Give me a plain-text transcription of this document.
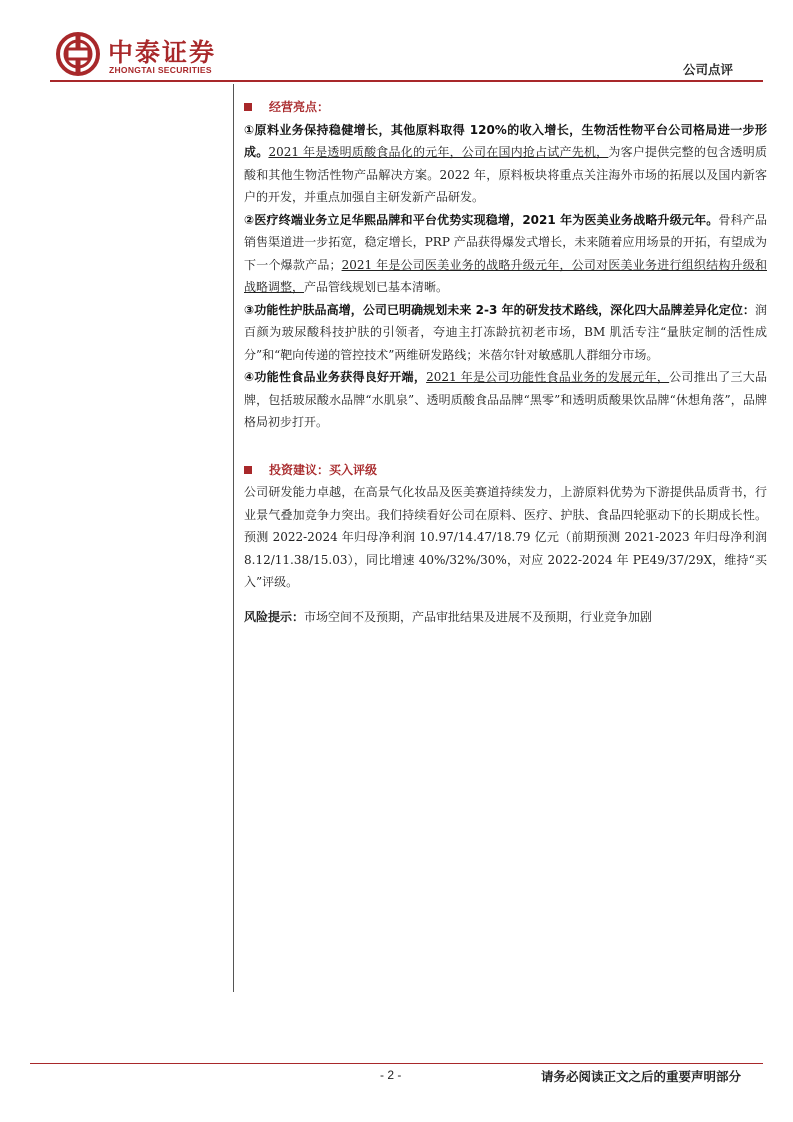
中泰证券
ZHONGTAI SECURITIES	公司点评
经营亮点：

①原料业务保持稳健增长，其他原料取得 120%的收入增长，生物活性物平台公司格局进一步形成。2021 年是透明质酸食品化的元年，公司在国内抢占试产先机，为客户提供完整的包含透明质酸和其他生物活性物产品解决方案。2022 年，原料板块将重点关注海外市场的拓展以及国内新客户的开发，并重点加强自主研发新产品研发。

②医疗终端业务立足华熙品牌和平台优势实现稳增，2021 年为医美业务战略升级元年。骨科产品销售渠道进一步拓宽，稳定增长，PRP 产品获得爆发式增长，未来随着应用场景的开拓，有望成为下一个爆款产品；2021 年是公司医美业务的战略升级元年，公司对医美业务进行组织结构升级和战略调整，产品管线规划已基本清晰。

③功能性护肤品高增，公司已明确规划未来 2-3 年的研发技术路线，深化四大品牌差异化定位：润百颜为玻尿酸科技护肤的引领者，夸迪主打冻龄抗初老市场，BM 肌活专注“量肤定制的活性成分”和“靶向传递的管控技术”两维研发路线；米蓓尔针对敏感肌人群细分市场。

④功能性食品业务获得良好开端，2021 年是公司功能性食品业务的发展元年，公司推出了三大品牌，包括玻尿酸水品牌“水肌泉”、透明质酸食品品牌“黑零”和透明质酸果饮品牌“休想角落”，品牌格局初步打开。

投资建议：买入评级

公司研发能力卓越，在高景气化妆品及医美赛道持续发力，上游原料优势为下游提供品质背书，行业景气叠加竞争力突出。我们持续看好公司在原料、医疗、护肤、食品四轮驱动下的长期成长性。预测 2022-2024 年归母净利润 10.97/14.47/18.79 亿元（前期预测 2021-2023 年归母净利润 8.12/11.38/15.03），同比增速 40%/32%/30%，对应 2022-2024 年 PE49/37/29X，维持“买入”评级。

风险提示：市场空间不及预期，产品审批结果及进展不及预期，行业竞争加剧

- 2 -	请务必阅读正文之后的重要声明部分
